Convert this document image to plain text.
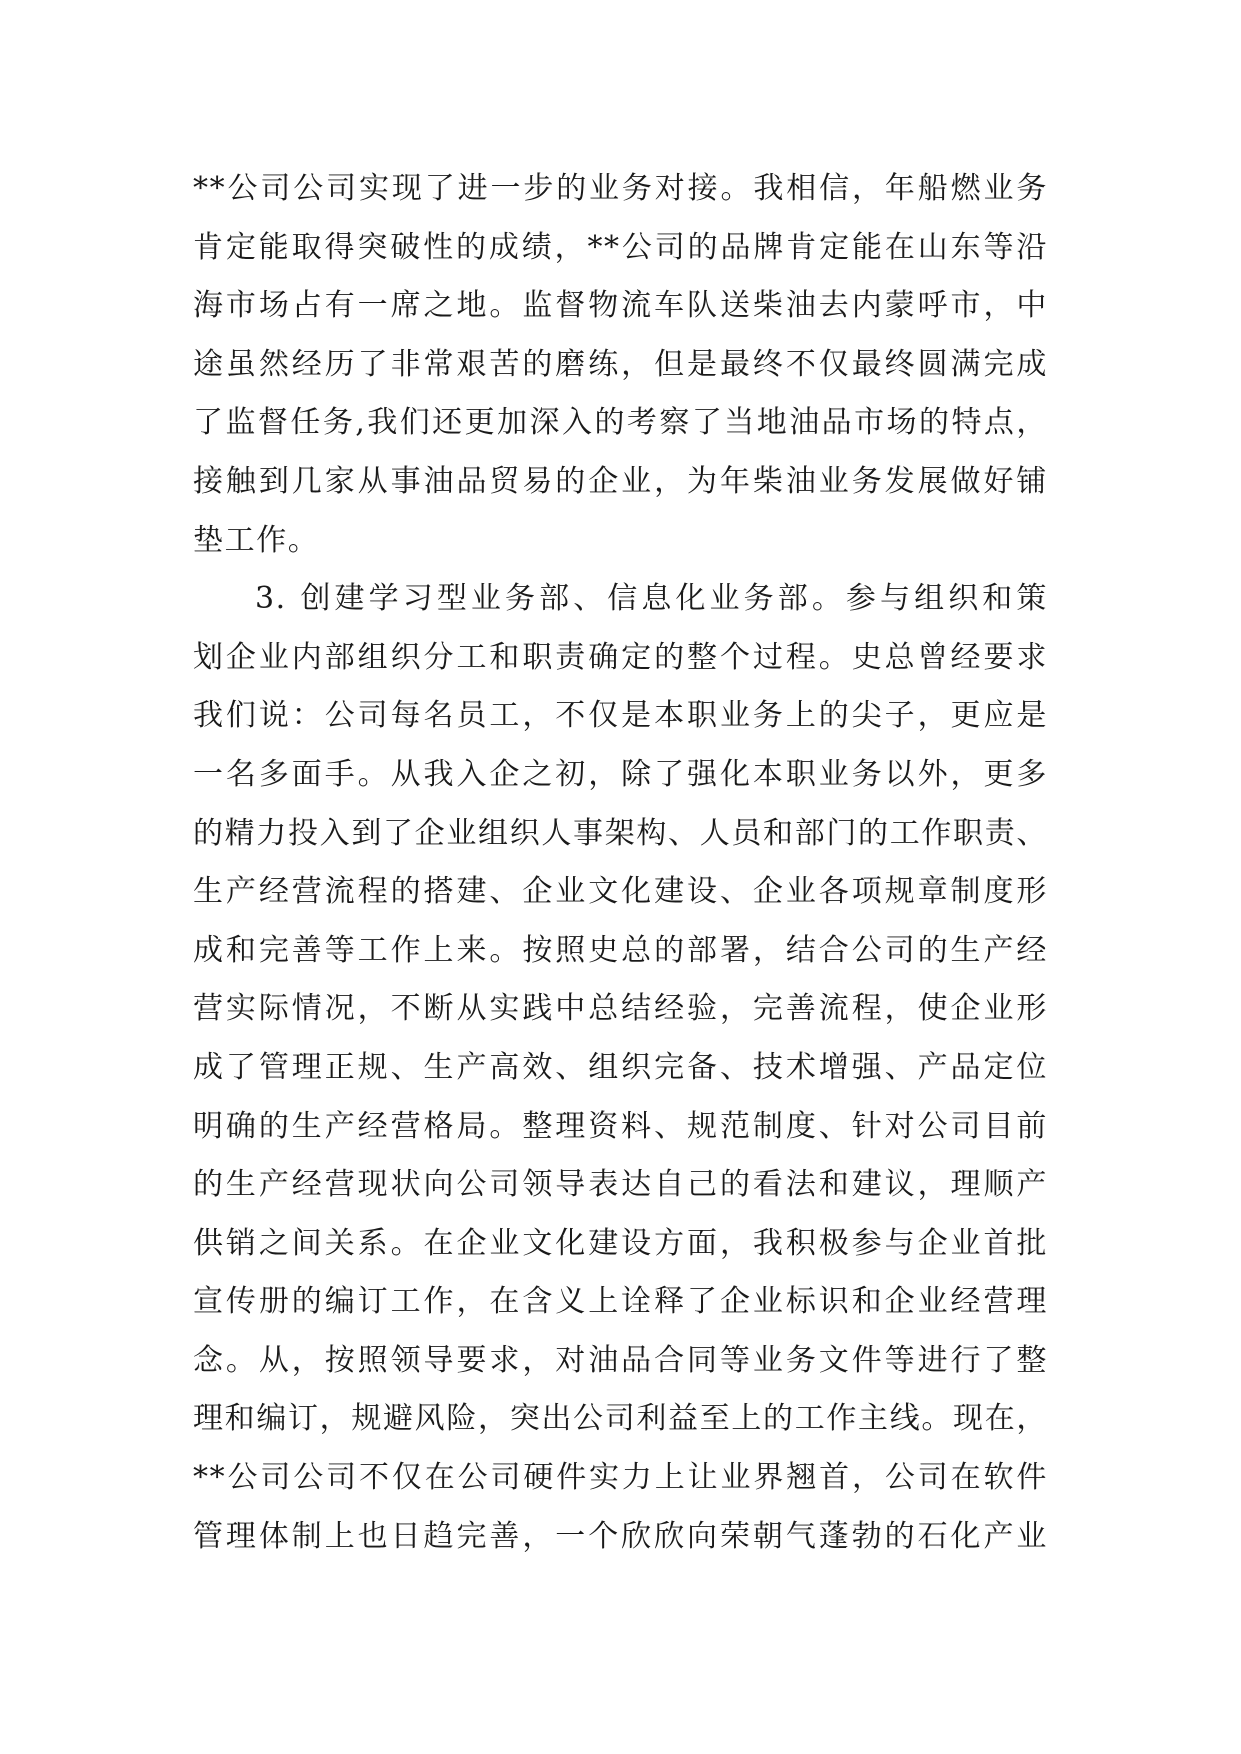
**公司公司实现了进一步的业务对接。我相信，年船燃业务
肯定能取得突破性的成绩，**公司的品牌肯定能在山东等沿
海市场占有一席之地。监督物流车队送柴油去内蒙呼市，中
途虽然经历了非常艰苦的磨练，但是最终不仅最终圆满完成
了监督任务,我们还更加深入的考察了当地油品市场的特点，
接触到几家从事油品贸易的企业，为年柴油业务发展做好铺
垫工作。
3. 创建学习型业务部、信息化业务部。参与组织和策
划企业内部组织分工和职责确定的整个过程。史总曾经要求
我们说：公司每名员工，不仅是本职业务上的尖子，更应是
一名多面手。从我入企之初，除了强化本职业务以外，更多
的精力投入到了企业组织人事架构、人员和部门的工作职责、
生产经营流程的搭建、企业文化建设、企业各项规章制度形
成和完善等工作上来。按照史总的部署，结合公司的生产经
营实际情况，不断从实践中总结经验，完善流程，使企业形
成了管理正规、生产高效、组织完备、技术增强、产品定位
明确的生产经营格局。整理资料、规范制度、针对公司目前
的生产经营现状向公司领导表达自己的看法和建议，理顺产
供销之间关系。在企业文化建设方面，我积极参与企业首批
宣传册的编订工作，在含义上诠释了企业标识和企业经营理
念。从，按照领导要求，对油品合同等业务文件等进行了整
理和编订，规避风险，突出公司利益至上的工作主线。现在，
**公司公司不仅在公司硬件实力上让业界翘首，公司在软件
管理体制上也日趋完善，一个欣欣向荣朝气蓬勃的石化产业
